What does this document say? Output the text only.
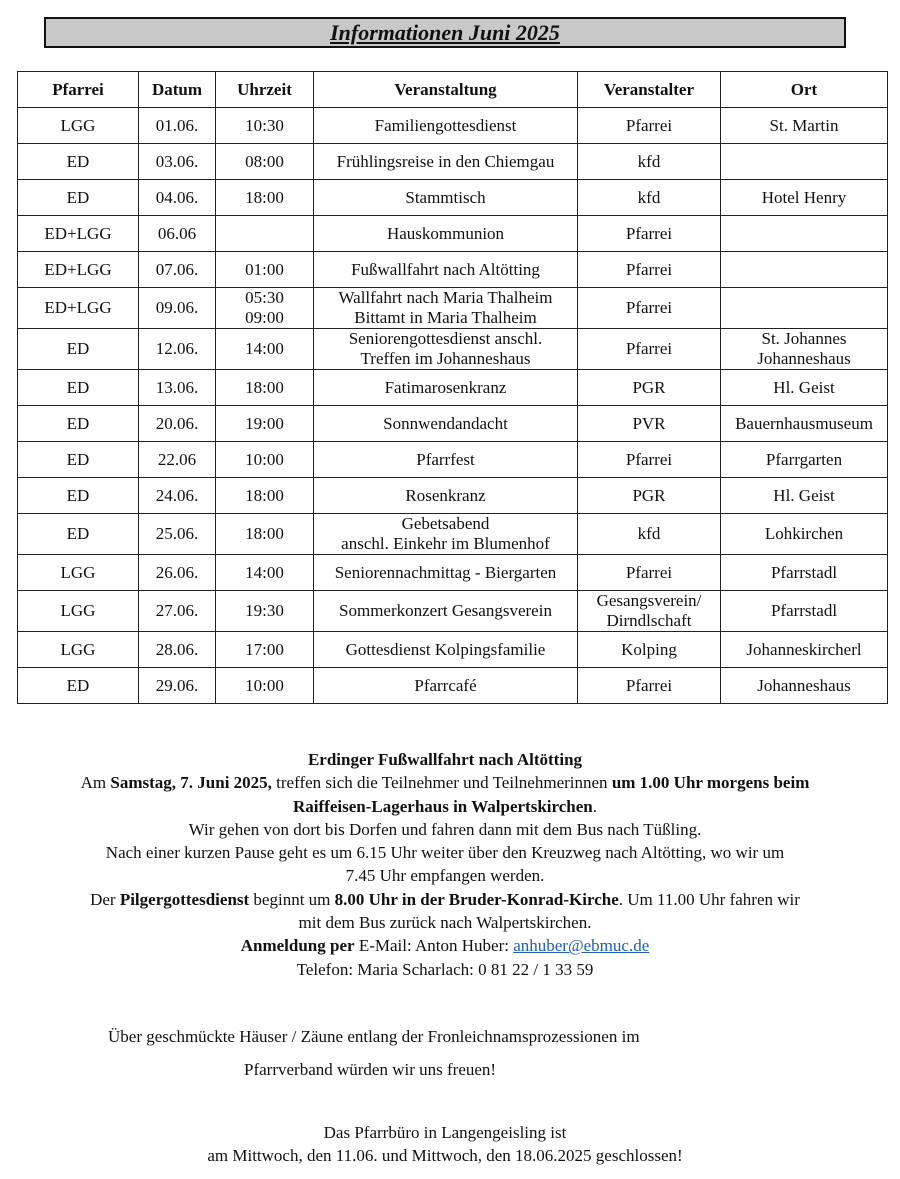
Informationen Juni 2025
Pfarrei	Datum	Uhrzeit	Veranstaltung	Veranstalter	Ort

LGG	01.06.	10:30	Familiengottesdienst	Pfarrei	St. Martin

ED	03.06.	08:00	Frühlingsreise in den Chiemgau	kfd	

ED	04.06.	18:00	Stammtisch	kfd	Hotel Henry

ED+LGG	06.06		Hauskommunion	Pfarrei	

ED+LGG	07.06.	01:00	Fußwallfahrt nach Altötting	Pfarrei	

ED+LGG	09.06.	05:30
09:00	Wallfahrt nach Maria Thalheim
Bittamt in Maria Thalheim	Pfarrei	

ED	12.06.	14:00	Seniorengottesdienst anschl.
Treffen im Johanneshaus	Pfarrei	St. Johannes
Johanneshaus

ED	13.06.	18:00	Fatimarosenkranz	PGR	Hl. Geist

ED	20.06.	19:00	Sonnwendandacht	PVR	Bauernhausmuseum

ED	22.06	10:00	Pfarrfest	Pfarrei	Pfarrgarten

ED	24.06.	18:00	Rosenkranz	PGR	Hl. Geist

ED	25.06.	18:00	Gebetsabend
anschl. Einkehr im Blumenhof	kfd	Lohkirchen

LGG	26.06.	14:00	Seniorennachmittag - Biergarten	Pfarrei	Pfarrstadl

LGG	27.06.	19:30	Sommerkonzert Gesangsverein	Gesangsverein/
Dirndlschaft	Pfarrstadl

LGG	28.06.	17:00	Gottesdienst Kolpingsfamilie	Kolping	Johanneskircherl

ED	29.06.	10:00	Pfarrcafé	Pfarrei	Johanneshaus
Erdinger Fußwallfahrt nach Altötting
Am Samstag, 7. Juni 2025, treffen sich die Teilnehmer und Teilnehmerinnen um 1.00 Uhr morgens beim Raiffeisen-Lagerhaus in Walpertskirchen.
Wir gehen von dort bis Dorfen und fahren dann mit dem Bus nach Tüßling.
Nach einer kurzen Pause geht es um 6.15 Uhr weiter über den Kreuzweg nach Altötting, wo wir um 7.45 Uhr empfangen werden.
Der Pilgergottesdienst beginnt um 8.00 Uhr in der Bruder-Konrad-Kirche. Um 11.00 Uhr fahren wir mit dem Bus zurück nach Walpertskirchen.
Anmeldung per E-Mail: Anton Huber: anhuber@ebmuc.de
Telefon: Maria Scharlach: 0 81 22 / 1 33 59
Über geschmückte Häuser / Zäune entlang der Fronleichnamsprozessionen im
Pfarrverband würden wir uns freuen!
Das Pfarrbüro in Langengeisling ist
am Mittwoch, den 11.06. und Mittwoch, den 18.06.2025 geschlossen!
